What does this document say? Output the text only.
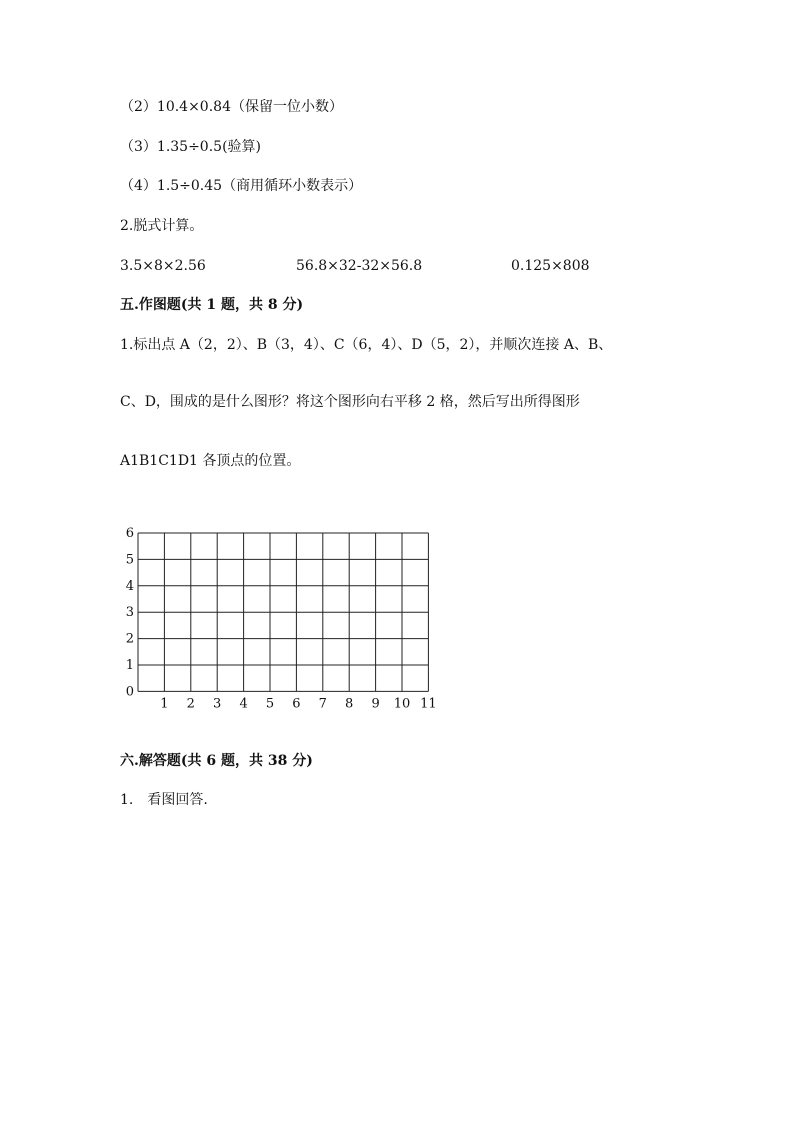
（2）10.4×0.84（保留一位小数）
（3）1.35÷0.5(验算)
（4）1.5÷0.45（商用循环小数表示）
2.脱式计算。
3.5×8×2.56	56.8×32-32×56.8	0.125×808
五.作图题(共 1 题，共 8 分)
1.标出点 A（2，2）、B（3，4）、C（6，4）、D（5，2），并顺次连接 A、B、
C、D，围成的是什么图形？将这个图形向右平移 2 格，然后写出所得图形
A1B1C1D1 各顶点的位置。
1 2 3 4 5 6 7 8 9 10 11
0
1
2
3
4
5
6
六.解答题(共 6 题，共 38 分)
1.　看图回答.
